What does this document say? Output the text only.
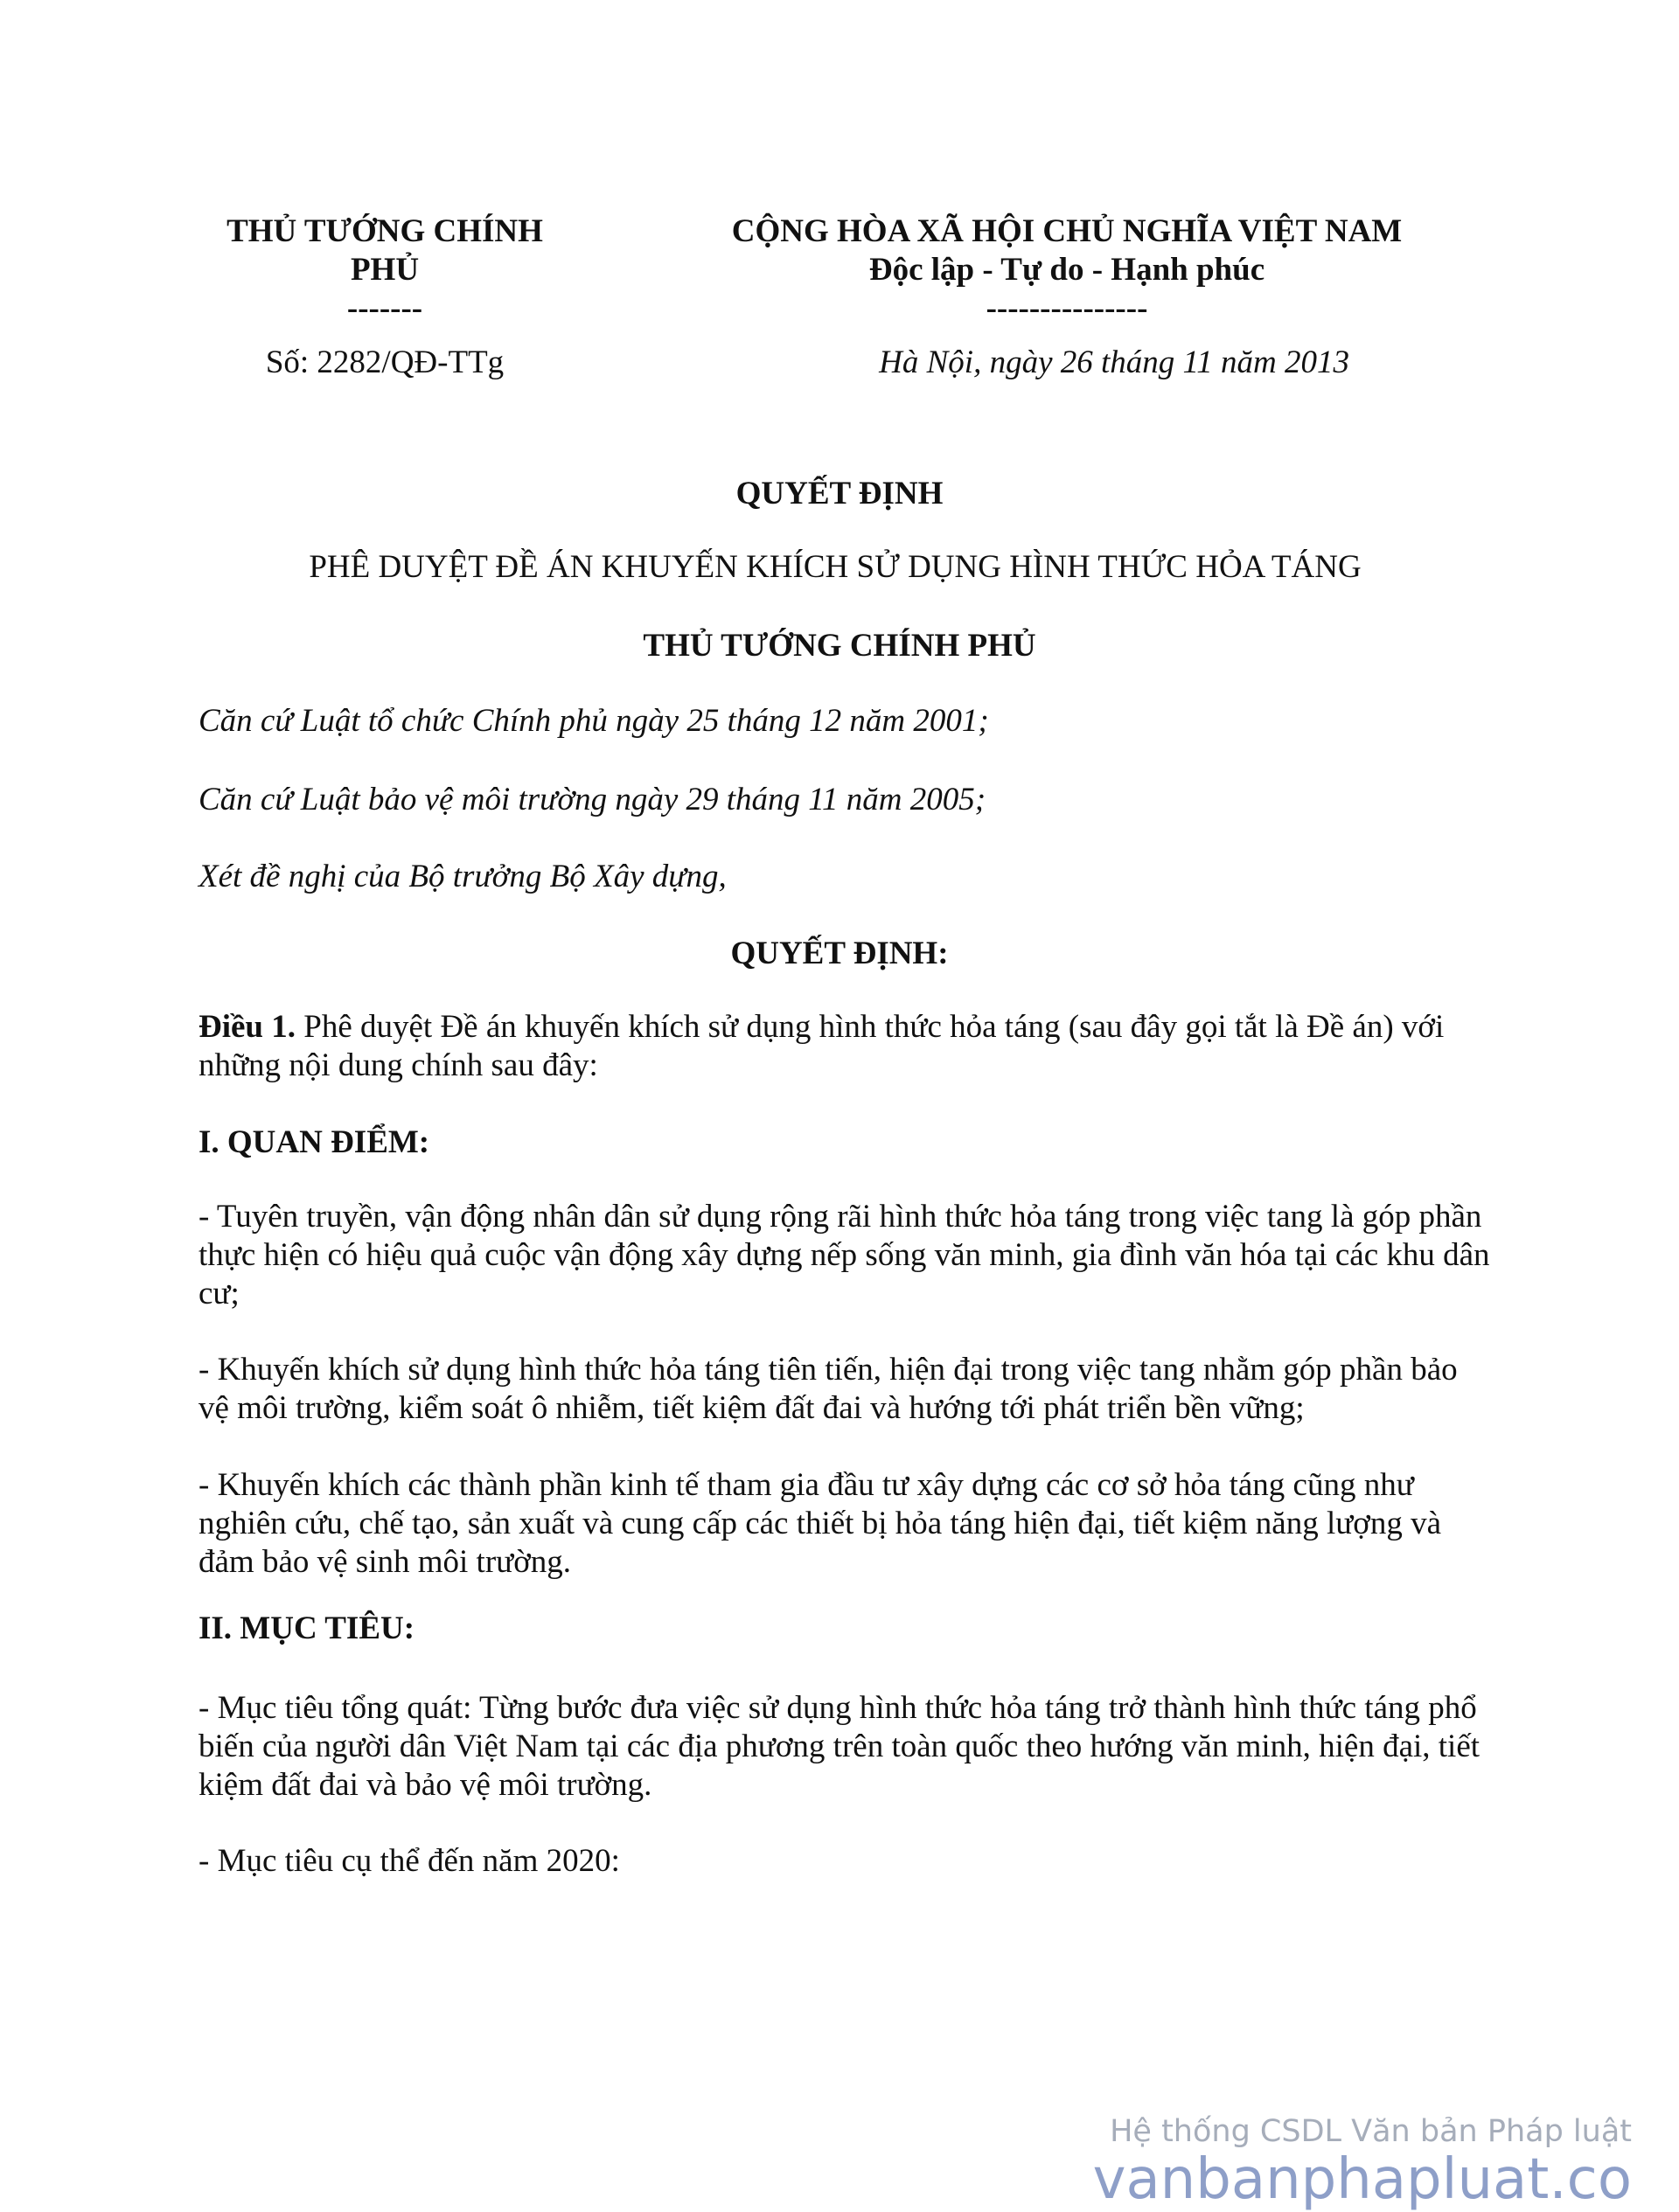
THỦ TƯỚNG CHÍNH
PHỦ
-------
CỘNG HÒA XÃ HỘI CHỦ NGHĨA VIỆT NAM
Độc lập - Tự do - Hạnh phúc
---------------
Số: 2282/QĐ-TTg	Hà Nội, ngày 26 tháng 11 năm 2013
QUYẾT ĐỊNH
PHÊ DUYỆT ĐỀ ÁN KHUYẾN KHÍCH SỬ DỤNG HÌNH THỨC HỎA TÁNG
THỦ TƯỚNG CHÍNH PHỦ
Căn cứ Luật tổ chức Chính phủ ngày 25 tháng 12 năm 2001;
Căn cứ Luật bảo vệ môi trường ngày 29 tháng 11 năm 2005;
Xét đề nghị của Bộ trưởng Bộ Xây dựng,
QUYẾT ĐỊNH:

Điều 1. Phê duyệt Đề án khuyến khích sử dụng hình thức hỏa táng (sau đây gọi tắt là Đề án) với những nội dung chính sau đây:

I. QUAN ĐIỂM:

- Tuyên truyền, vận động nhân dân sử dụng rộng rãi hình thức hỏa táng trong việc tang là góp phần thực hiện có hiệu quả cuộc vận động xây dựng nếp sống văn minh, gia đình văn hóa tại các khu dân cư;

- Khuyến khích sử dụng hình thức hỏa táng tiên tiến, hiện đại trong việc tang nhằm góp phần bảo vệ môi trường, kiểm soát ô nhiễm, tiết kiệm đất đai và hướng tới phát triển bền vững;

- Khuyến khích các thành phần kinh tế tham gia đầu tư xây dựng các cơ sở hỏa táng cũng như nghiên cứu, chế tạo, sản xuất và cung cấp các thiết bị hỏa táng hiện đại, tiết kiệm năng lượng và đảm bảo vệ sinh môi trường.

II. MỤC TIÊU:

- Mục tiêu tổng quát: Từng bước đưa việc sử dụng hình thức hỏa táng trở thành hình thức táng phổ biến của người dân Việt Nam tại các địa phương trên toàn quốc theo hướng văn minh, hiện đại, tiết kiệm đất đai và bảo vệ môi trường.

- Mục tiêu cụ thể đến năm 2020:

Hệ thống CSDL Văn bản Pháp luật
vanbanphapluat.co
